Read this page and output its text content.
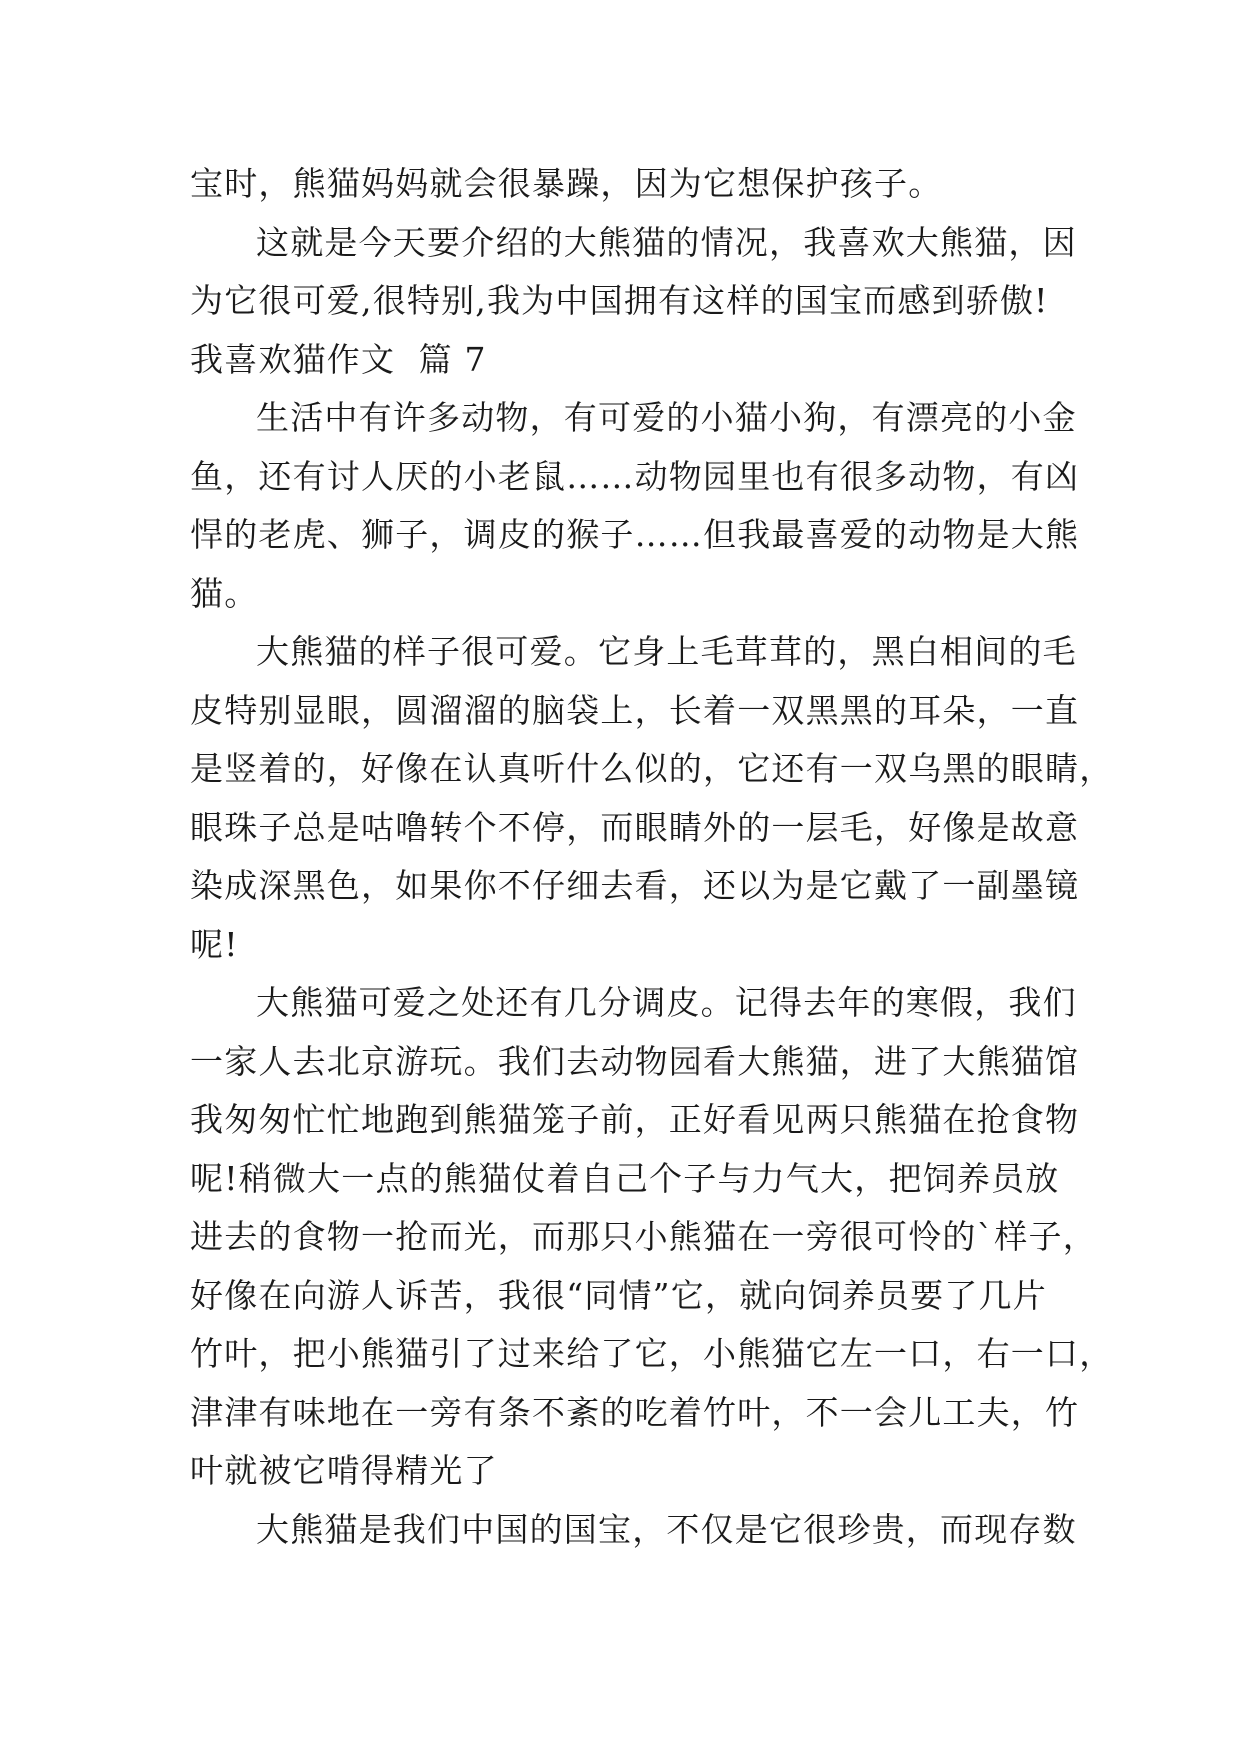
宝时，熊猫妈妈就会很暴躁，因为它想保护孩子。
这就是今天要介绍的大熊猫的情况，我喜欢大熊猫，因
为它很可爱,很特别,我为中国拥有这样的国宝而感到骄傲!
我喜欢猫作文  篇 7
生活中有许多动物，有可爱的小猫小狗，有漂亮的小金
鱼，还有讨人厌的小老鼠……动物园里也有很多动物，有凶
悍的老虎、狮子，调皮的猴子……但我最喜爱的动物是大熊
猫。
大熊猫的样子很可爱。它身上毛茸茸的，黑白相间的毛
皮特别显眼，圆溜溜的脑袋上，长着一双黑黑的耳朵，一直
是竖着的，好像在认真听什么似的，它还有一双乌黑的眼睛，
眼珠子总是咕噜转个不停，而眼睛外的一层毛，好像是故意
染成深黑色，如果你不仔细去看，还以为是它戴了一副墨镜
呢!
大熊猫可爱之处还有几分调皮。记得去年的寒假，我们
一家人去北京游玩。我们去动物园看大熊猫，进了大熊猫馆
我匆匆忙忙地跑到熊猫笼子前，正好看见两只熊猫在抢食物
呢!稍微大一点的熊猫仗着自己个子与力气大，把饲养员放
进去的食物一抢而光，而那只小熊猫在一旁很可怜的`样子，
好像在向游人诉苦，我很“同情”它，就向饲养员要了几片
竹叶，把小熊猫引了过来给了它，小熊猫它左一口，右一口，
津津有味地在一旁有条不紊的吃着竹叶，不一会儿工夫，竹
叶就被它啃得精光了
大熊猫是我们中国的国宝，不仅是它很珍贵，而现存数
